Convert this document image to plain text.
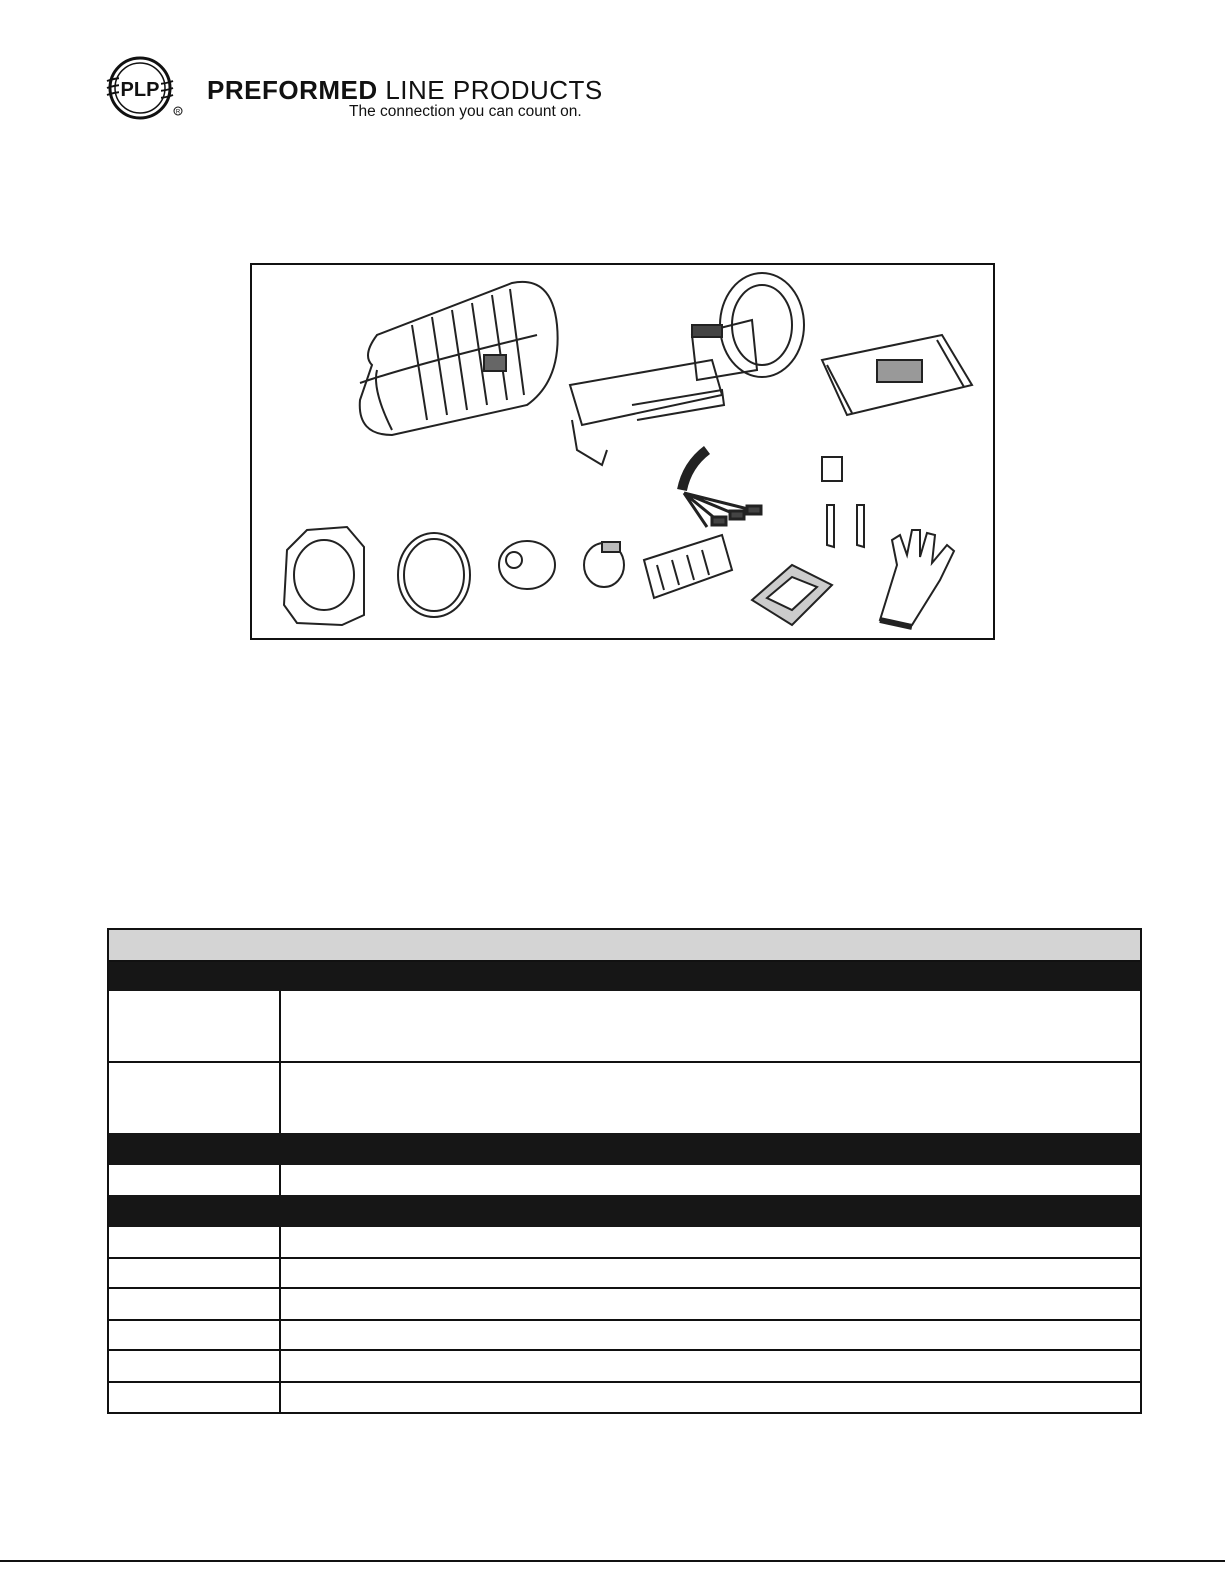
PLP
R
PREFORMED LINE PRODUCTS
The connection you can count on.
